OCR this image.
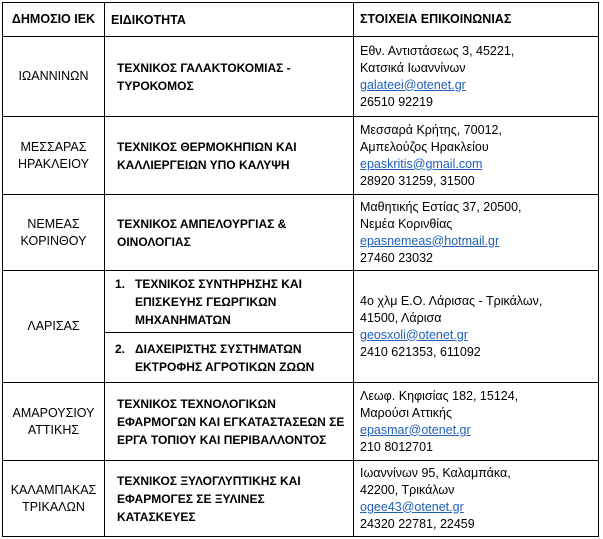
ΔΗΜΟΣΙΟ ΙΕΚ	ΕΙΔΙΚΟΤΗΤΑ	ΣΤΟΙΧΕΙΑ ΕΠΙΚΟΙΝΩΝΙΑΣ
ΙΩΑΝΝΙΝΩΝ
ΤΕΧΝΙΚΟΣ ΓΑΛΑΚΤΟΚΟΜΙΑΣ -
ΤΥΡΟΚΟΜΟΣ
Εθν. Αντιστάσεως 3, 45221,
Κατσικά Ιωαννίνων
galateei@otenet.gr
26510 92219
ΜΕΣΣΑΡΑΣ
ΗΡΑΚΛΕΙΟΥ
ΤΕΧΝΙΚΟΣ ΘΕΡΜΟΚΗΠΙΩΝ ΚΑΙ
ΚΑΛΛΙΕΡΓΕΙΩΝ ΥΠΟ ΚΑΛΥΨΗ
Μεσσαρά Κρήτης, 70012,
Αμπελούζος Ηρακλείου
epaskritis@gmail.com
28920 31259, 31500
ΝΕΜΕΑΣ
ΚΟΡΙΝΘΟΥ
ΤΕΧΝΙΚΟΣ ΑΜΠΕΛΟΥΡΓΙΑΣ &
ΟΙΝΟΛΟΓΙΑΣ
Μαθητικής Εστίας 37, 20500,
Νεμέα Κορινθίας
epasnemeas@hotmail.gr
27460 23032
ΛΑΡΙΣΑΣ
1. ΤΕΧΝΙΚΟΣ ΣΥΝΤΗΡΗΣΗΣ ΚΑΙ
ΕΠΙΣΚΕΥΗΣ ΓΕΩΡΓΙΚΩΝ
ΜΗΧΑΝΗΜΑΤΩΝ
2. ΔΙΑΧΕΙΡΙΣΤΗΣ ΣΥΣΤΗΜΑΤΩΝ
ΕΚΤΡΟΦΗΣ ΑΓΡΟΤΙΚΩΝ ΖΩΩΝ
4ο χλμ Ε.Ο. Λάρισας - Τρικάλων,
41500, Λάρισα
geosxoli@otenet.gr
2410 621353, 611092
ΑΜΑΡΟΥΣΙΟΥ
ΑΤΤΙΚΗΣ
ΤΕΧΝΙΚΟΣ ΤΕΧΝΟΛΟΓΙΚΩΝ
ΕΦΑΡΜΟΓΩΝ ΚΑΙ ΕΓΚΑΤΑΣΤΑΣΕΩΝ ΣΕ
ΕΡΓΑ ΤΟΠΙΟΥ ΚΑΙ ΠΕΡΙΒΑΛΛΟΝΤΟΣ
Λεωφ. Κηφισίας 182, 15124,
Μαρούσι Αττικής
epasmar@otenet.gr
210 8012701
ΚΑΛΑΜΠΑΚΑΣ
ΤΡΙΚΑΛΩΝ
ΤΕΧΝΙΚΟΣ ΞΥΛΟΓΛΥΠΤΙΚΗΣ ΚΑΙ
ΕΦΑΡΜΟΓΕΣ ΣΕ ΞΥΛΙΝΕΣ ΚΑΤΑΣΚΕΥΕΣ
Ιωαννίνων 95, Καλαμπάκα,
42200, Τρικάλων
ogee43@otenet.gr
24320 22781, 22459
